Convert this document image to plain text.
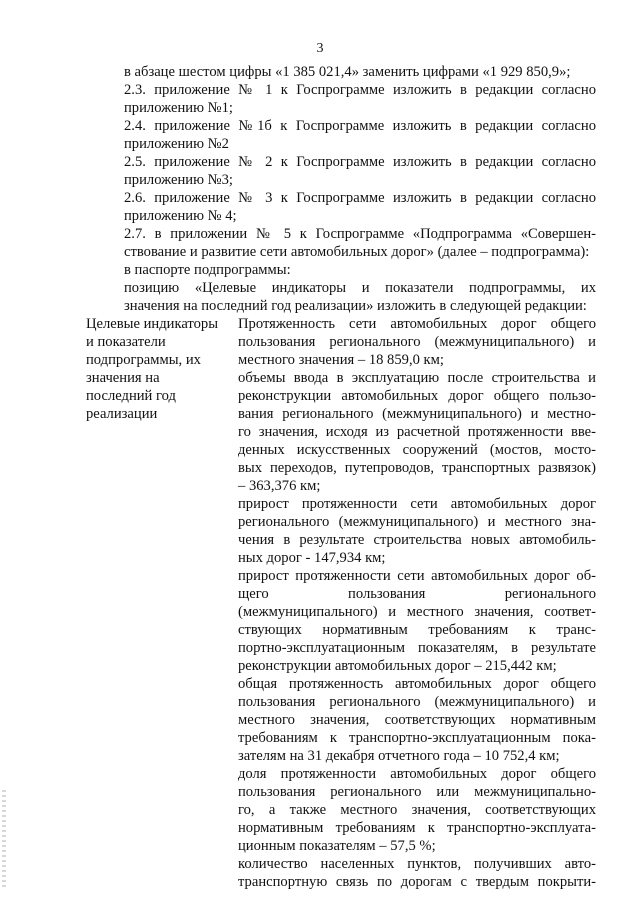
3
в абзаце шестом цифры «1 385 021,4» заменить цифрами «1 929 850,9»;
2.3. приложение № 1 к Госпрограмме изложить в редакции согласно
приложению №1;
2.4. приложение №1б к Госпрограмме изложить в редакции согласно
приложению №2
2.5. приложение № 2 к Госпрограмме изложить в редакции согласно
приложению №3;
2.6. приложение № 3 к Госпрограмме изложить в редакции согласно
приложению № 4;
2.7. в приложении № 5 к Госпрограмме «Подпрограмма «Совершен-
ствование и развитие сети автомобильных дорог» (далее – подпрограмма):
в паспорте подпрограммы:
позицию «Целевые индикаторы и показатели подпрограммы, их
значения на последний год реализации» изложить в следующей редакции:
Целевые индикаторы
и показатели
подпрограммы, их
значения на
последний год
реализации
Протяженность сети автомобильных дорог общего
пользования регионального (межмуниципального) и
местного значения – 18 859,0 км;
объемы ввода в эксплуатацию после строительства и
реконструкции автомобильных дорог общего пользо-
вания регионального (межмуниципального) и местно-
го значения, исходя из расчетной протяженности вве-
денных искусственных сооружений (мостов, мосто-
вых переходов, путепроводов, транспортных развязок)
– 363,376 км;
прирост протяженности сети автомобильных дорог
регионального (межмуниципального) и местного зна-
чения в результате строительства новых автомобиль-
ных дорог - 147,934 км;
прирост протяженности сети автомобильных дорог об-
щего пользования регионального
(межмуниципального) и местного значения, соответ-
ствующих нормативным требованиям к транс-
портно-эксплуатационным показателям, в результате
реконструкции автомобильных дорог – 215,442 км;
общая протяженность автомобильных дорог общего
пользования регионального (межмуниципального) и
местного значения, соответствующих нормативным
требованиям к транспортно-эксплуатационным пока-
зателям на 31 декабря отчетного года – 10 752,4 км;
доля протяженности автомобильных дорог общего
пользования регионального или межмуниципально-
го, а также местного значения, соответствующих
нормативным требованиям к транспортно-эксплуата-
ционным показателям – 57,5 %;
количество населенных пунктов, получивших авто-
транспортную связь по дорогам с твердым покрыти-
